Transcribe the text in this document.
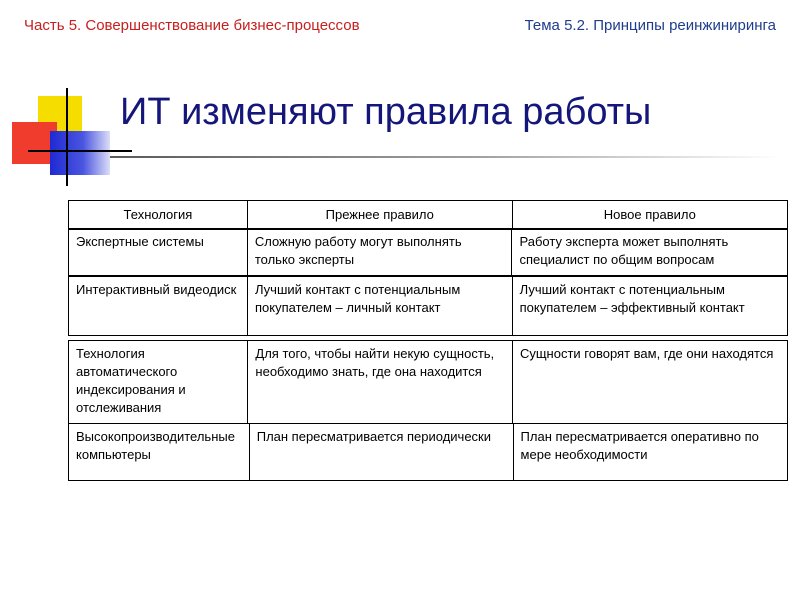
Часть 5. Совершенствование бизнес-процессов	Тема 5.2. Принципы реинжиниринга
ИТ изменяют правила работы
Технология	Прежнее правило	Новое правило
Экспертные системы	Сложную работу могут выполнять только эксперты	Работу эксперта может выполнять специалист по общим вопросам
Интерактивный видеодиск	Лучший контакт с потенциальным покупателем – личный контакт	Лучший контакт с потенциальным покупателем – эффективный контакт
Технология автоматического индексирования и отслеживания	Для того, чтобы найти некую сущность, необходимо знать, где она находится	Сущности говорят вам, где они находятся
Высокопроизводительные компьютеры	План пересматривается периодически	План пересматривается оперативно по мере необходимости
